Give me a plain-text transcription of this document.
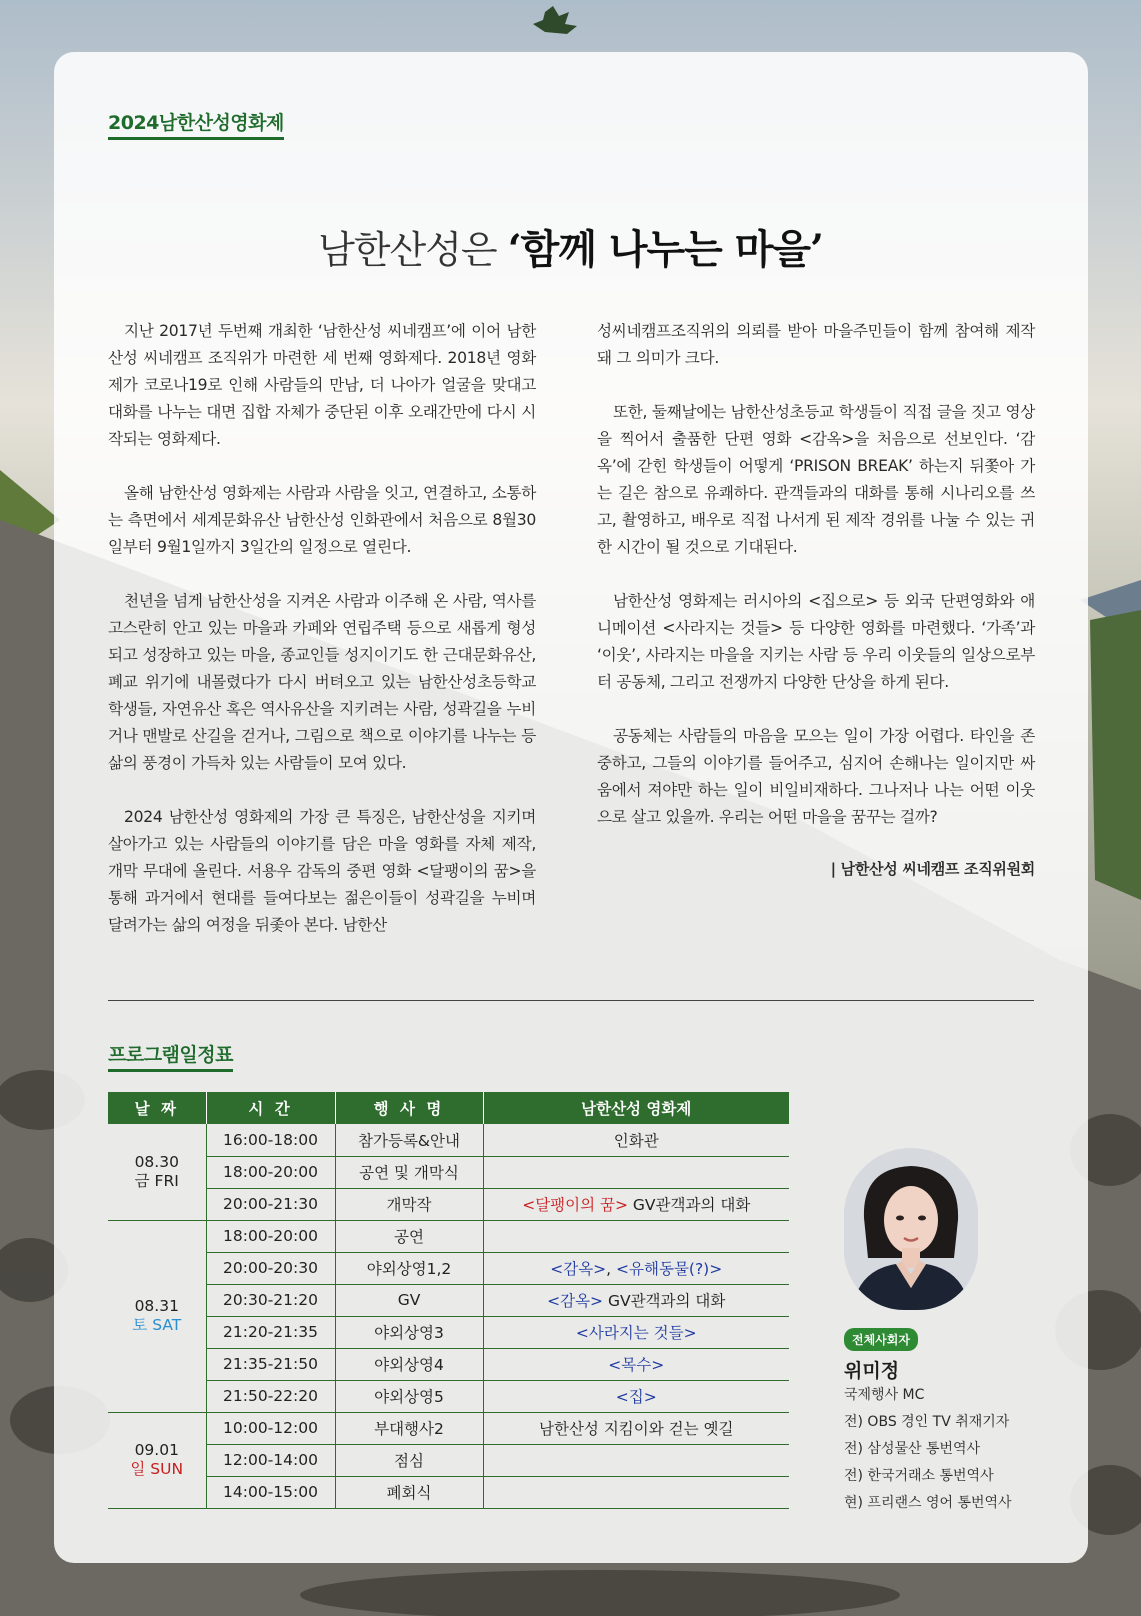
2024남한산성영화제
남한산성은 ‘함께 나누는 마을’

지난 2017년 두번째 개최한 ‘남한산성 씨네캠프’에 이어 남한산성 씨네캠프 조직위가 마련한 세 번째 영화제다. 2018년 영화제가 코로나19로 인해 사람들의 만남, 더 나아가 얼굴을 맞대고 대화를 나누는 대면 집합 자체가 중단된 이후 오래간만에 다시 시작되는 영화제다.

올해 남한산성 영화제는 사람과 사람을 잇고, 연결하고, 소통하는 측면에서 세계문화유산 남한산성 인화관에서 처음으로 8월30일부터 9월1일까지 3일간의 일정으로 열린다.

천년을 넘게 남한산성을 지켜온 사람과 이주해 온 사람, 역사를 고스란히 안고 있는 마을과 카페와 연립주택 등으로 새롭게 형성되고 성장하고 있는 마을, 종교인들 성지이기도 한 근대문화유산, 폐교 위기에 내몰렸다가 다시 버텨오고 있는 남한산성초등학교 학생들, 자연유산 혹은 역사유산을 지키려는 사람, 성곽길을 누비거나 맨발로 산길을 걷거나, 그림으로 책으로 이야기를 나누는 등 삶의 풍경이 가득차 있는 사람들이 모여 있다.

2024 남한산성 영화제의 가장 큰 특징은, 남한산성을 지키며 살아가고 있는 사람들의 이야기를 담은 마을 영화를 자체 제작, 개막 무대에 올린다. 서용우 감독의 중편 영화 <달팽이의 꿈>을 통해 과거에서 현대를 들여다보는 젊은이들이 성곽길을 누비며 달려가는 삶의 여정을 뒤좇아 본다. 남한산

성씨네캠프조직위의 의뢰를 받아 마을주민들이 함께 참여해 제작돼 그 의미가 크다.

또한, 둘째날에는 남한산성초등교 학생들이 직접 글을 짓고 영상을 찍어서 출품한 단편 영화 <감옥>을 처음으로 선보인다. ‘감옥’에 갇힌 학생들이 어떻게 ‘PRISON BREAK’ 하는지 뒤쫓아 가는 길은 참으로 유쾌하다. 관객들과의 대화를 통해 시나리오를 쓰고, 촬영하고, 배우로 직접 나서게 된 제작 경위를 나눌 수 있는 귀한 시간이 될 것으로 기대된다.

남한산성 영화제는 러시아의 <집으로> 등 외국 단편영화와 애니메이션 <사라지는 것들> 등 다양한 영화를 마련했다. ‘가족’과 ‘이웃’, 사라지는 마을을 지키는 사람 등 우리 이웃들의 일상으로부터 공동체, 그리고 전쟁까지 다양한 단상을 하게 된다.

공동체는 사람들의 마음을 모으는 일이 가장 어렵다. 타인을 존중하고, 그들의 이야기를 들어주고, 심지어 손해나는 일이지만 싸움에서 져야만 하는 일이 비일비재하다. 그나저나 나는 어떤 이웃으로 살고 있을까. 우리는 어떤 마을을 꿈꾸는 걸까?

| 남한산성 씨네캠프 조직위원회
프로그램일정표
날 짜	시 간	행 사 명	남한산성 영화제

08.30
금 FRI	16:00-18:00	참가등록&안내	인화관
	18:00-20:00	공연 및 개막식	
	20:00-21:30	개막작	<달팽이의 꿈> GV관객과의 대화

08.31
토 SAT	18:00-20:00	공연	
	20:00-20:30	야외상영1,2	<감옥>, <유해동물(?)>
	20:30-21:20	GV	<감옥> GV관객과의 대화
	21:20-21:35	야외상영3	<사라지는 것들>
	21:35-21:50	야외상영4	<목수>
	21:50-22:20	야외상영5	<집>

09.01
일 SUN	10:00-12:00	부대행사2	남한산성 지킴이와 걷는 옛길
	12:00-14:00	점심	
	14:00-15:00	폐회식	
전체사회자
위미정
국제행사 MC
전) OBS 경인 TV 취재기자
전) 삼성물산 통번역사
전) 한국거래소 통번역사
현) 프리랜스 영어 통번역사
